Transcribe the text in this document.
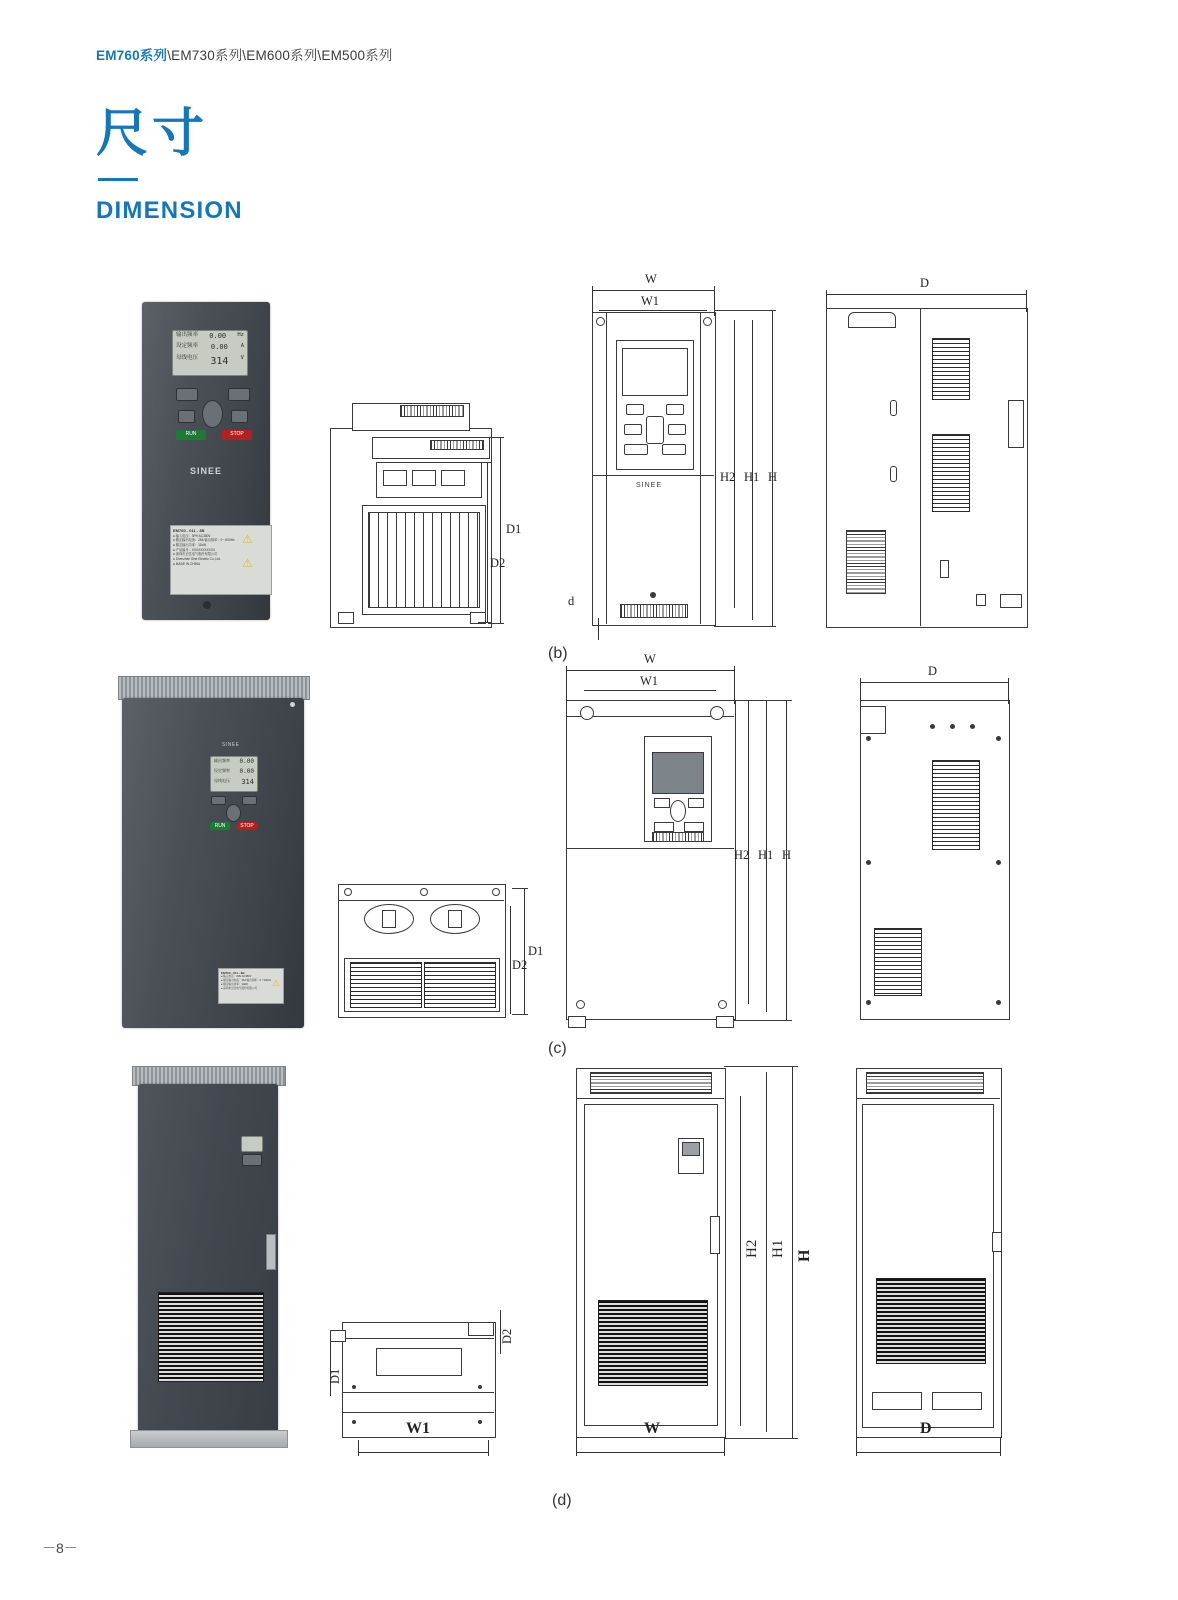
EM760系列\EM730系列\EM600系列\EM500系列
尺寸
DIMENSION
输出频率 0.00 Hz
设定频率 0.00 A
母线电压 314 V
RUN	STOP
SINEE
EM760 - 011 - 3B
● 输入电压：3PH AC380V
● 额定输出电流：25A 输出频率：0～600Hz
● 额定输出功率：11kW
● 产品编号：XXXXXXXXXXX
● 深圳市正弦电气股份有限公司
● Shenzhen Sine Electric Co.,Ltd.
● MADE IN CHINA
⚠
⚠
D1
D2
SINEE
W
W1
H
H1
H2
d
D
(b)
输出频率 0.00
设定频率 0.00
母线电压 314
RUN	STOP
SINEE
EM760 - 011 - 3B
● 输入电压：3PH AC380V
● 额定输出电流：25A 输出频率：0～600Hz
● 额定输出功率：11kW
● 深圳市正弦电气股份有限公司
⚠
D1
D2
W
W1
H
H1
H2
D
(c)
D1
D2
W1
H
H1
H2
W	D
(d)
－8－
